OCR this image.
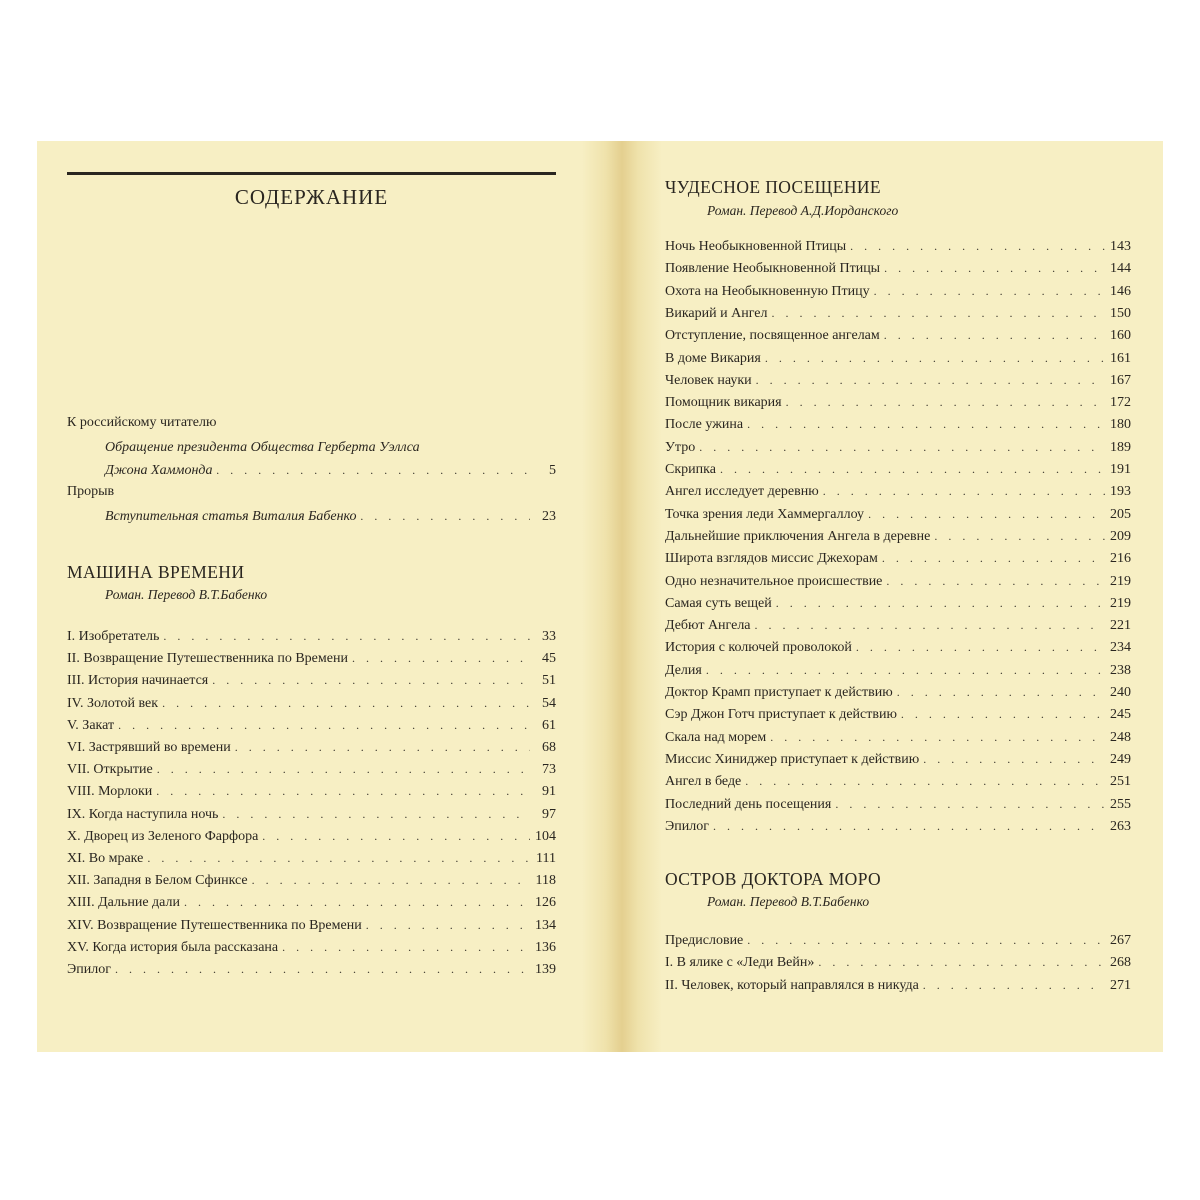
СОДЕРЖАНИЕ
К российскому читателю
Обращение президента Общества Герберта Уэллса
Джона Хаммонда . . .	5
Прорыв
Вступительная статья Виталия Бабенко . . .	23
МАШИНА ВРЕМЕНИ
Роман. Перевод В.Т.Бабенко
I. Изобретатель . . .	33
II. Возвращение Путешественника по Времени . . .	45
III. История начинается . . .	51
IV. Золотой век . . .	54
V. Закат . . .	61
VI. Застрявший во времени . . .	68
VII. Открытие . . .	73
VIII. Морлоки . . .	91
IX. Когда наступила ночь . . .	97
X. Дворец из Зеленого Фарфора . . .	104
XI. Во мраке . . .	111
XII. Западня в Белом Сфинксе . . .	118
XIII. Дальние дали . . .	126
XIV. Возвращение Путешественника по Времени . . .	134
XV. Когда история была рассказана . . .	136
Эпилог . . .	139
ЧУДЕСНОЕ ПОСЕЩЕНИЕ
Роман. Перевод А.Д.Иорданского
Ночь Необыкновенной Птицы . . .	143
Появление Необыкновенной Птицы . . .	144
Охота на Необыкновенную Птицу . . .	146
Викарий и Ангел . . .	150
Отступление, посвященное ангелам . . .	160
В доме Викария . . .	161
Человек науки . . .	167
Помощник викария . . .	172
После ужина . . .	180
Утро . . .	189
Скрипка . . .	191
Ангел исследует деревню . . .	193
Точка зрения леди Хаммергаллоу . . .	205
Дальнейшие приключения Ангела в деревне . . .	209
Широта взглядов миссис Джехорам . . .	216
Одно незначительное происшествие . . .	219
Самая суть вещей . . .	219
Дебют Ангела . . .	221
История с колючей проволокой . . .	234
Делия . . .	238
Доктор Крамп приступает к действию . . .	240
Сэр Джон Готч приступает к действию . . .	245
Скала над морем . . .	248
Миссис Хиниджер приступает к действию . . .	249
Ангел в беде . . .	251
Последний день посещения . . .	255
Эпилог . . .	263
ОСТРОВ ДОКТОРА МОРО
Роман. Перевод В.Т.Бабенко
Предисловие . . .	267
I. В ялике с «Леди Вейн» . . .	268
II. Человек, который направлялся в никуда . . .	271
